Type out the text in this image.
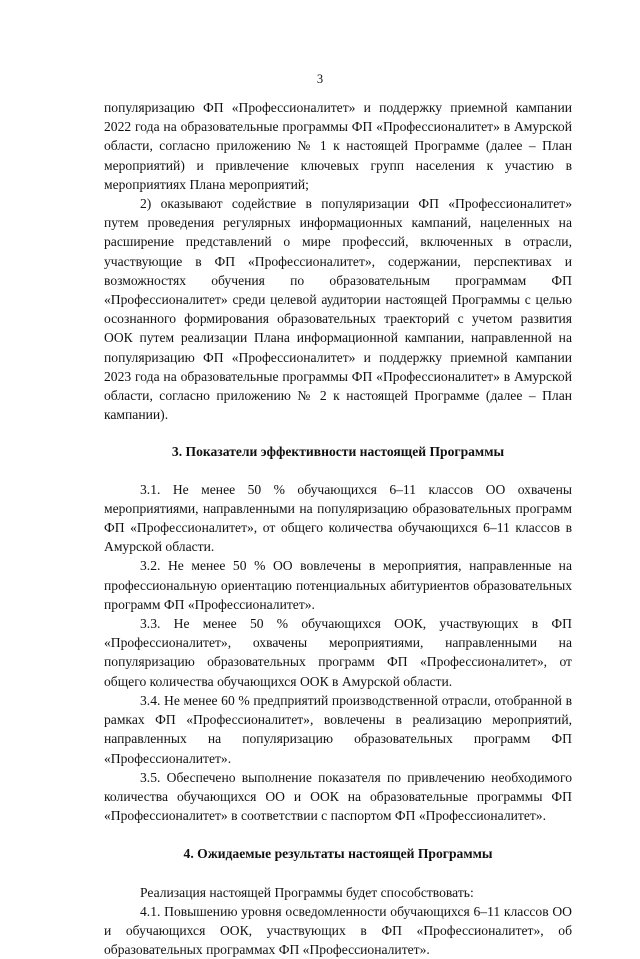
3

популяризацию ФП «Профессионалитет» и поддержку приемной кампании 2022 года на образовательные программы ФП «Профессионалитет» в Амурской области, согласно приложению № 1 к настоящей Программе (далее – План мероприятий) и привлечение ключевых групп населения к участию в мероприятиях Плана мероприятий;

2) оказывают содействие в популяризации ФП «Профессионалитет» путем проведения регулярных информационных кампаний, нацеленных на расширение представлений о мире профессий, включенных в отрасли, участвующие в ФП «Профессионалитет», содержании, перспективах и возможностях обучения по образовательным программам ФП «Профессионалитет» среди целевой аудитории настоящей Программы с целью осознанного формирования образовательных траекторий с учетом развития ООК путем реализации Плана информационной кампании, направленной на популяризацию ФП «Профессионалитет» и поддержку приемной кампании 2023 года на образовательные программы ФП «Профессионалитет» в Амурской области, согласно приложению № 2 к настоящей Программе (далее – План кампании).

3. Показатели эффективности настоящей Программы

3.1. Не менее 50 % обучающихся 6–11 классов ОО охвачены мероприятиями, направленными на популяризацию образовательных программ ФП «Профессионалитет», от общего количества обучающихся 6–11 классов в Амурской области.

3.2. Не менее 50 % ОО вовлечены в мероприятия, направленные на профессиональную ориентацию потенциальных абитуриентов образовательных программ ФП «Профессионалитет».

3.3. Не менее 50 % обучающихся ООК, участвующих в ФП «Профессионалитет», охвачены мероприятиями, направленными на популяризацию образовательных программ ФП «Профессионалитет», от общего количества обучающихся ООК в Амурской области.

3.4. Не менее 60 % предприятий производственной отрасли, отобранной в рамках ФП «Профессионалитет», вовлечены в реализацию мероприятий, направленных на популяризацию образовательных программ ФП «Профессионалитет».

3.5. Обеспечено выполнение показателя по привлечению необходимого количества обучающихся ОО и ООК на образовательные программы ФП «Профессионалитет» в соответствии с паспортом ФП «Профессионалитет».

4. Ожидаемые результаты настоящей Программы

Реализация настоящей Программы будет способствовать:

4.1. Повышению уровня осведомленности обучающихся 6–11 классов ОО и обучающихся ООК, участвующих в ФП «Профессионалитет», об образовательных программах ФП «Профессионалитет».
